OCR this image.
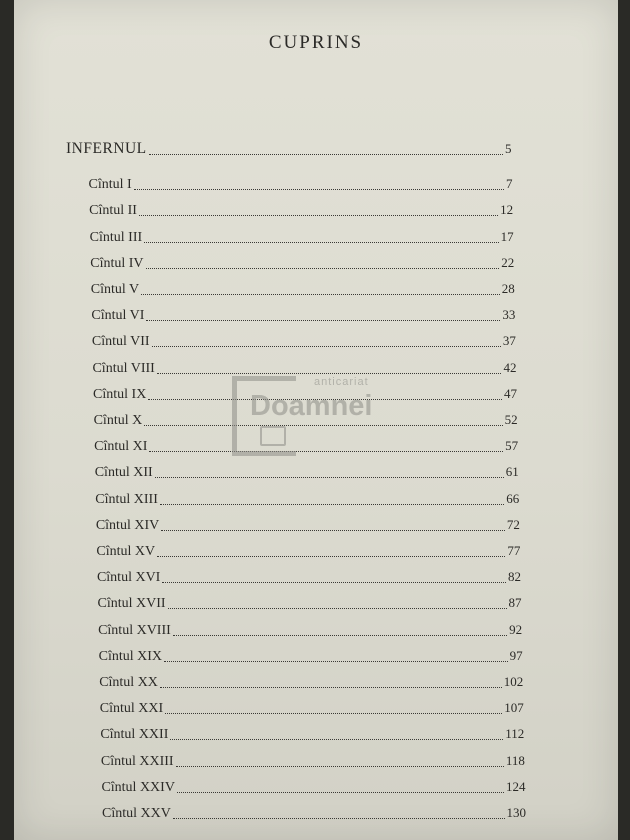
CUPRINS
INFERNUL	5
Cîntul I	7
Cîntul II	12
Cîntul III	17
Cîntul IV	22
Cîntul V	28
Cîntul VI	33
Cîntul VII	37
Cîntul VIII	42
Cîntul IX	47
Cîntul X	52
Cîntul XI	57
Cîntul XII	61
Cîntul XIII	66
Cîntul XIV	72
Cîntul XV	77
Cîntul XVI	82
Cîntul XVII	87
Cîntul XVIII	92
Cîntul XIX	97
Cîntul XX	102
Cîntul XXI	107
Cîntul XXII	112
Cîntul XXIII	118
Cîntul XXIV	124
Cîntul XXV	130
anticariat
Doamnei
